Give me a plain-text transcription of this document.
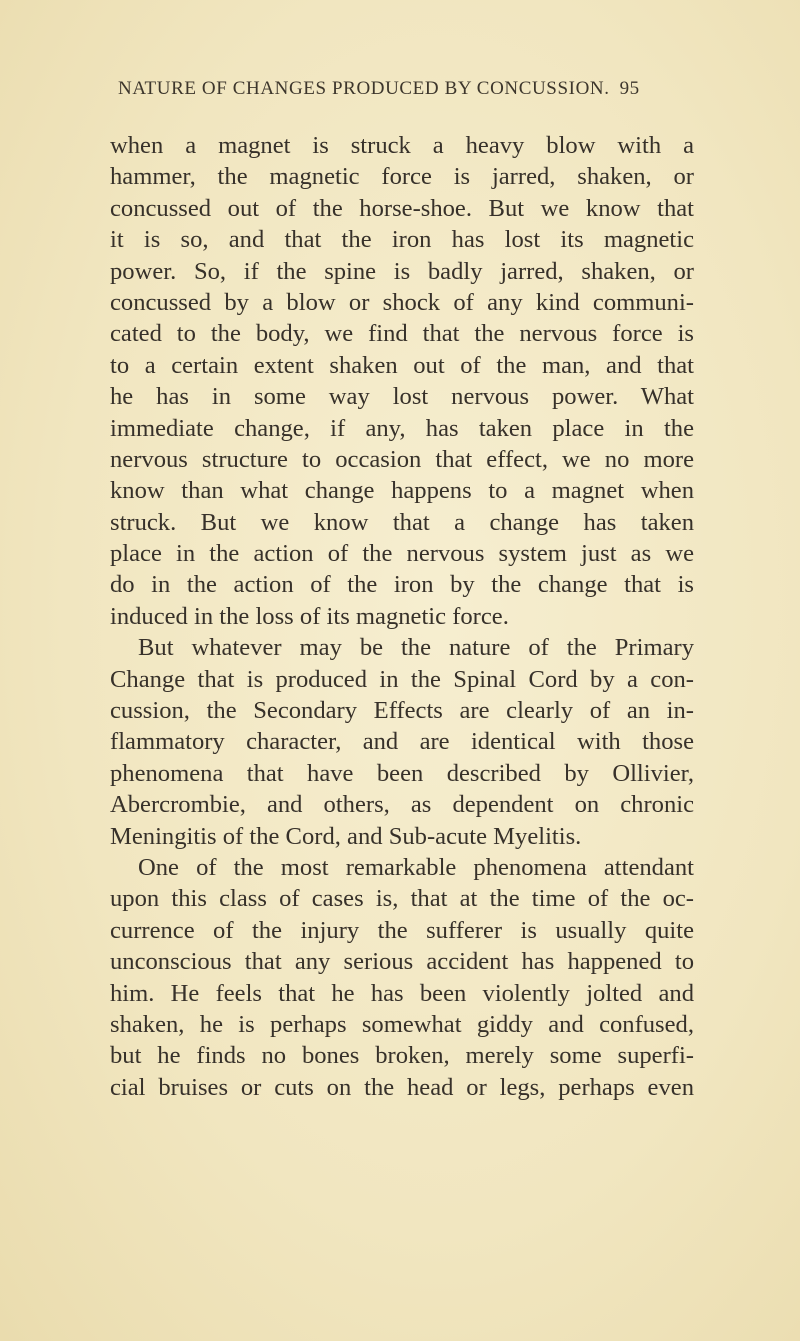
NATURE OF CHANGES PRODUCED BY CONCUSSION. 95
when a magnet is struck a heavy blow with a
hammer, the magnetic force is jarred, shaken, or
concussed out of the horse-shoe. But we know that
it is so, and that the iron has lost its magnetic
power. So, if the spine is badly jarred, shaken, or
concussed by a blow or shock of any kind communi-
cated to the body, we find that the nervous force is
to a certain extent shaken out of the man, and that
he has in some way lost nervous power. What
immediate change, if any, has taken place in the
nervous structure to occasion that effect, we no more
know than what change happens to a magnet when
struck. But we know that a change has taken
place in the action of the nervous system just as we
do in the action of the iron by the change that is
induced in the loss of its magnetic force.
But whatever may be the nature of the Primary
Change that is produced in the Spinal Cord by a con-
cussion, the Secondary Effects are clearly of an in-
flammatory character, and are identical with those
phenomena that have been described by Ollivier,
Abercrombie, and others, as dependent on chronic
Meningitis of the Cord, and Sub-acute Myelitis.
One of the most remarkable phenomena attendant
upon this class of cases is, that at the time of the oc-
currence of the injury the sufferer is usually quite
unconscious that any serious accident has happened to
him. He feels that he has been violently jolted and
shaken, he is perhaps somewhat giddy and confused,
but he finds no bones broken, merely some superfi-
cial bruises or cuts on the head or legs, perhaps even
